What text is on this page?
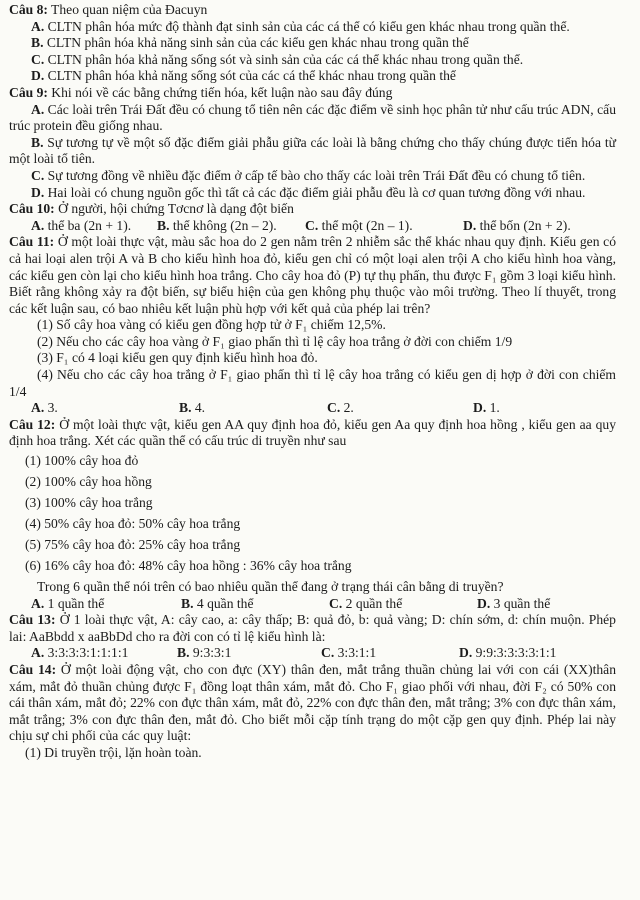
Câu 8: Theo quan niệm của Đacuyn

A. CLTN phân hóa mức độ thành đạt sinh sản của các cá thể có kiểu gen khác nhau trong quần thể.

B. CLTN phân hóa khả năng sinh sản của các kiểu gen khác nhau trong quần thể

C. CLTN phân hóa khả năng sống sót và sinh sản của các cá thể khác nhau trong quần thể.

D. CLTN phân hóa khả năng sống sót của các cá thể khác nhau trong quần thể

Câu 9: Khi nói về các bằng chứng tiến hóa, kết luận nào sau đây đúng

A. Các loài trên Trái Đất đều có chung tổ tiên nên các đặc điểm về sinh học phân tử như cấu trúc ADN, cấu trúc protein đều giống nhau.

B. Sự tương tự về một số đặc điểm giải phẫu giữa các loài là bằng chứng cho thấy chúng được tiến hóa từ một loài tổ tiên.

C. Sự tương đồng về nhiều đặc điểm ở cấp tế bào cho thấy các loài trên Trái Đất đều có chung tổ tiên.

D. Hai loài có chung nguồn gốc thì tất cả các đặc điểm giải phẫu đều là cơ quan tương đồng với nhau.

Câu 10: Ở người, hội chứng Tơcnơ là dạng đột biến

A. thể ba (2n + 1).	B. thể không (2n – 2).	C. thể một (2n – 1).	D. thể bốn (2n + 2).

Câu 11: Ở một loài thực vật, màu sắc hoa do 2 gen nằm trên 2 nhiễm sắc thể khác nhau quy định. Kiểu gen có cả hai loại alen trội A và B cho kiểu hình hoa đỏ, kiểu gen chỉ có một loại alen trội A cho kiểu hình hoa vàng, các kiểu gen còn lại cho kiểu hình hoa trắng. Cho cây hoa đỏ (P) tự thụ phấn, thu được F₁ gồm 3 loại kiểu hình. Biết rằng không xảy ra đột biến, sự biểu hiện của gen không phụ thuộc vào môi trường. Theo lí thuyết, trong các kết luận sau, có bao nhiêu kết luận phù hợp với kết quả của phép lai trên?

(1) Số cây hoa vàng có kiểu gen đồng hợp tử ở F₁ chiếm 12,5%.
(2) Nếu cho các cây hoa vàng ở F₁ giao phấn thì tỉ lệ cây hoa trắng ở đời con chiếm 1/9
(3) F₁ có 4 loại kiểu gen quy định kiểu hình hoa đỏ.

(4) Nếu cho các cây hoa trắng ở F₁ giao phấn thì tỉ lệ cây hoa trắng có kiểu gen dị hợp ở đời con chiếm 1/4

A. 3.	B. 4.	C. 2.	D. 1.

Câu 12: Ở một loài thực vật, kiểu gen AA quy định hoa đỏ, kiểu gen Aa quy định hoa hồng , kiểu gen aa quy định hoa trắng. Xét các quần thể có cấu trúc di truyền như sau

(1) 100% cây hoa đỏ
(2) 100% cây hoa hồng
(3) 100% cây hoa trắng
(4) 50% cây hoa đỏ: 50% cây hoa trắng
(5) 75% cây hoa đỏ: 25% cây hoa trắng
(6) 16% cây hoa đỏ: 48% cây hoa hồng : 36% cây hoa trắng
Trong 6 quần thể nói trên có bao nhiêu quần thể đang ở trạng thái cân bằng di truyền?
A. 1 quần thể	B. 4 quần thể	C. 2 quần thể	D. 3 quần thể

Câu 13: Ở 1 loài thực vật, A: cây cao, a: cây thấp; B: quả đỏ, b: quả vàng; D: chín sớm, d: chín muộn. Phép lai: AaBbdd x aaBbDd cho ra đời con có tỉ lệ kiểu hình là:

A. 3:3:3:3:1:1:1:1	B. 9:3:3:1	C. 3:3:1:1	D. 9:9:3:3:3:3:1:1

Câu 14: Ở một loài động vật, cho con đực (XY) thân đen, mắt trắng thuần chủng lai với con cái (XX)thân xám, mắt đỏ thuần chủng được F₁ đồng loạt thân xám, mắt đỏ. Cho F₁ giao phối với nhau, đời F₂ có 50% con cái thân xám, mắt đỏ; 22% con đực thân xám, mắt đỏ, 22% con đực thân đen, mắt trắng; 3% con đực thân xám, mắt trắng; 3% con đực thân đen, mắt đỏ. Cho biết mỗi cặp tính trạng do một cặp gen quy định. Phép lai này chịu sự chi phối của các quy luật:

(1) Di truyền trội, lặn hoàn toàn.
